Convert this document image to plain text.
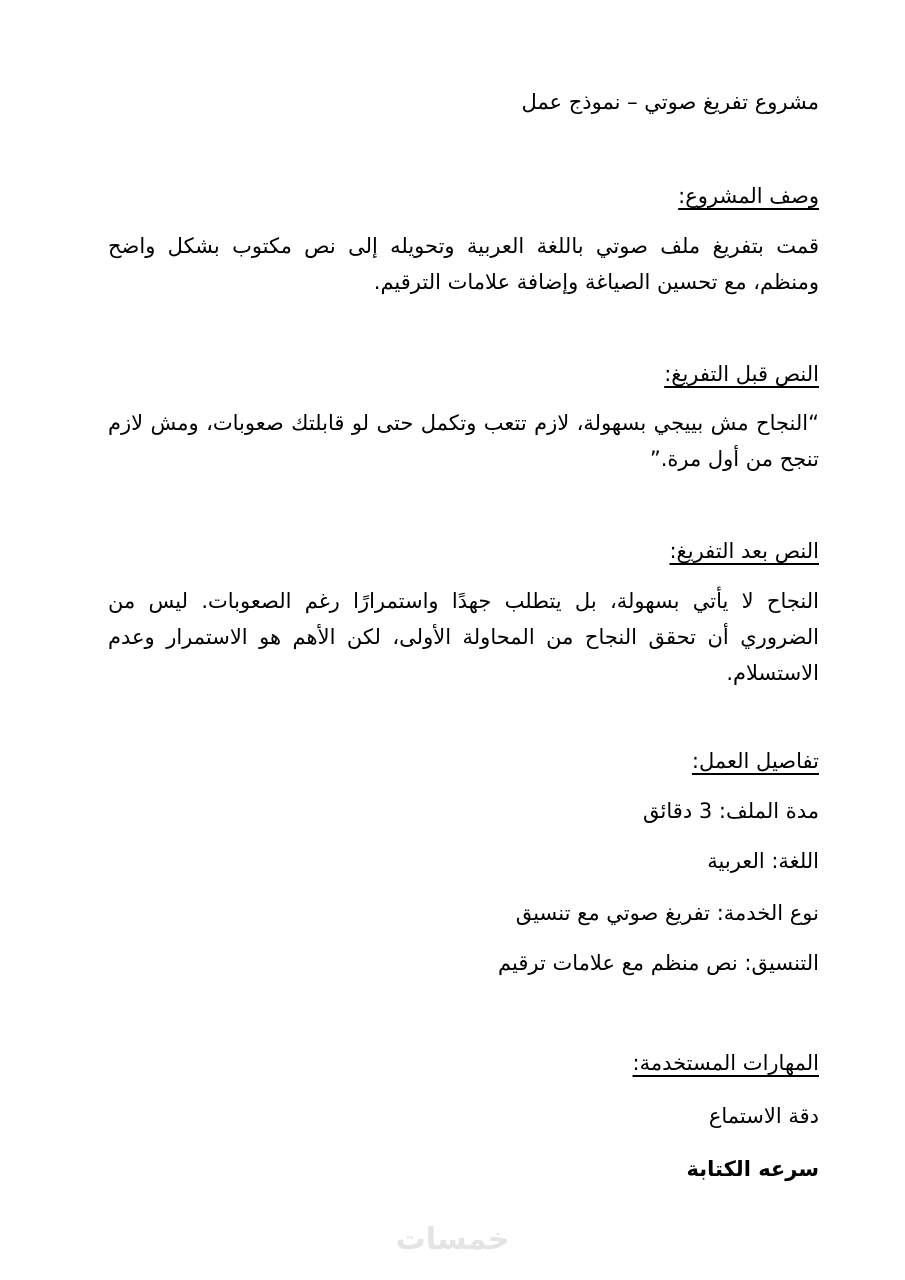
مشروع تفريغ صوتي – نموذج عمل
وصف المشروع:
قمت بتفريغ ملف صوتي باللغة العربية وتحويله إلى نص مكتوب بشكل واضح ومنظم، مع تحسين الصياغة وإضافة علامات الترقيم.
النص قبل التفريغ:
“النجاح مش بييجي بسهولة، لازم تتعب وتكمل حتى لو قابلتك صعوبات، ومش لازم تنجح من أول مرة.”
النص بعد التفريغ:
النجاح لا يأتي بسهولة، بل يتطلب جهدًا واستمرارًا رغم الصعوبات. ليس من الضروري أن تحقق النجاح من المحاولة الأولى، لكن الأهم هو الاستمرار وعدم الاستسلام.
تفاصيل العمل:
مدة الملف: 3 دقائق
اللغة: العربية
نوع الخدمة: تفريغ صوتي مع تنسيق
التنسيق: نص منظم مع علامات ترقيم
المهارات المستخدمة:
دقة الاستماع
سرعه الكتابة
خمسات
